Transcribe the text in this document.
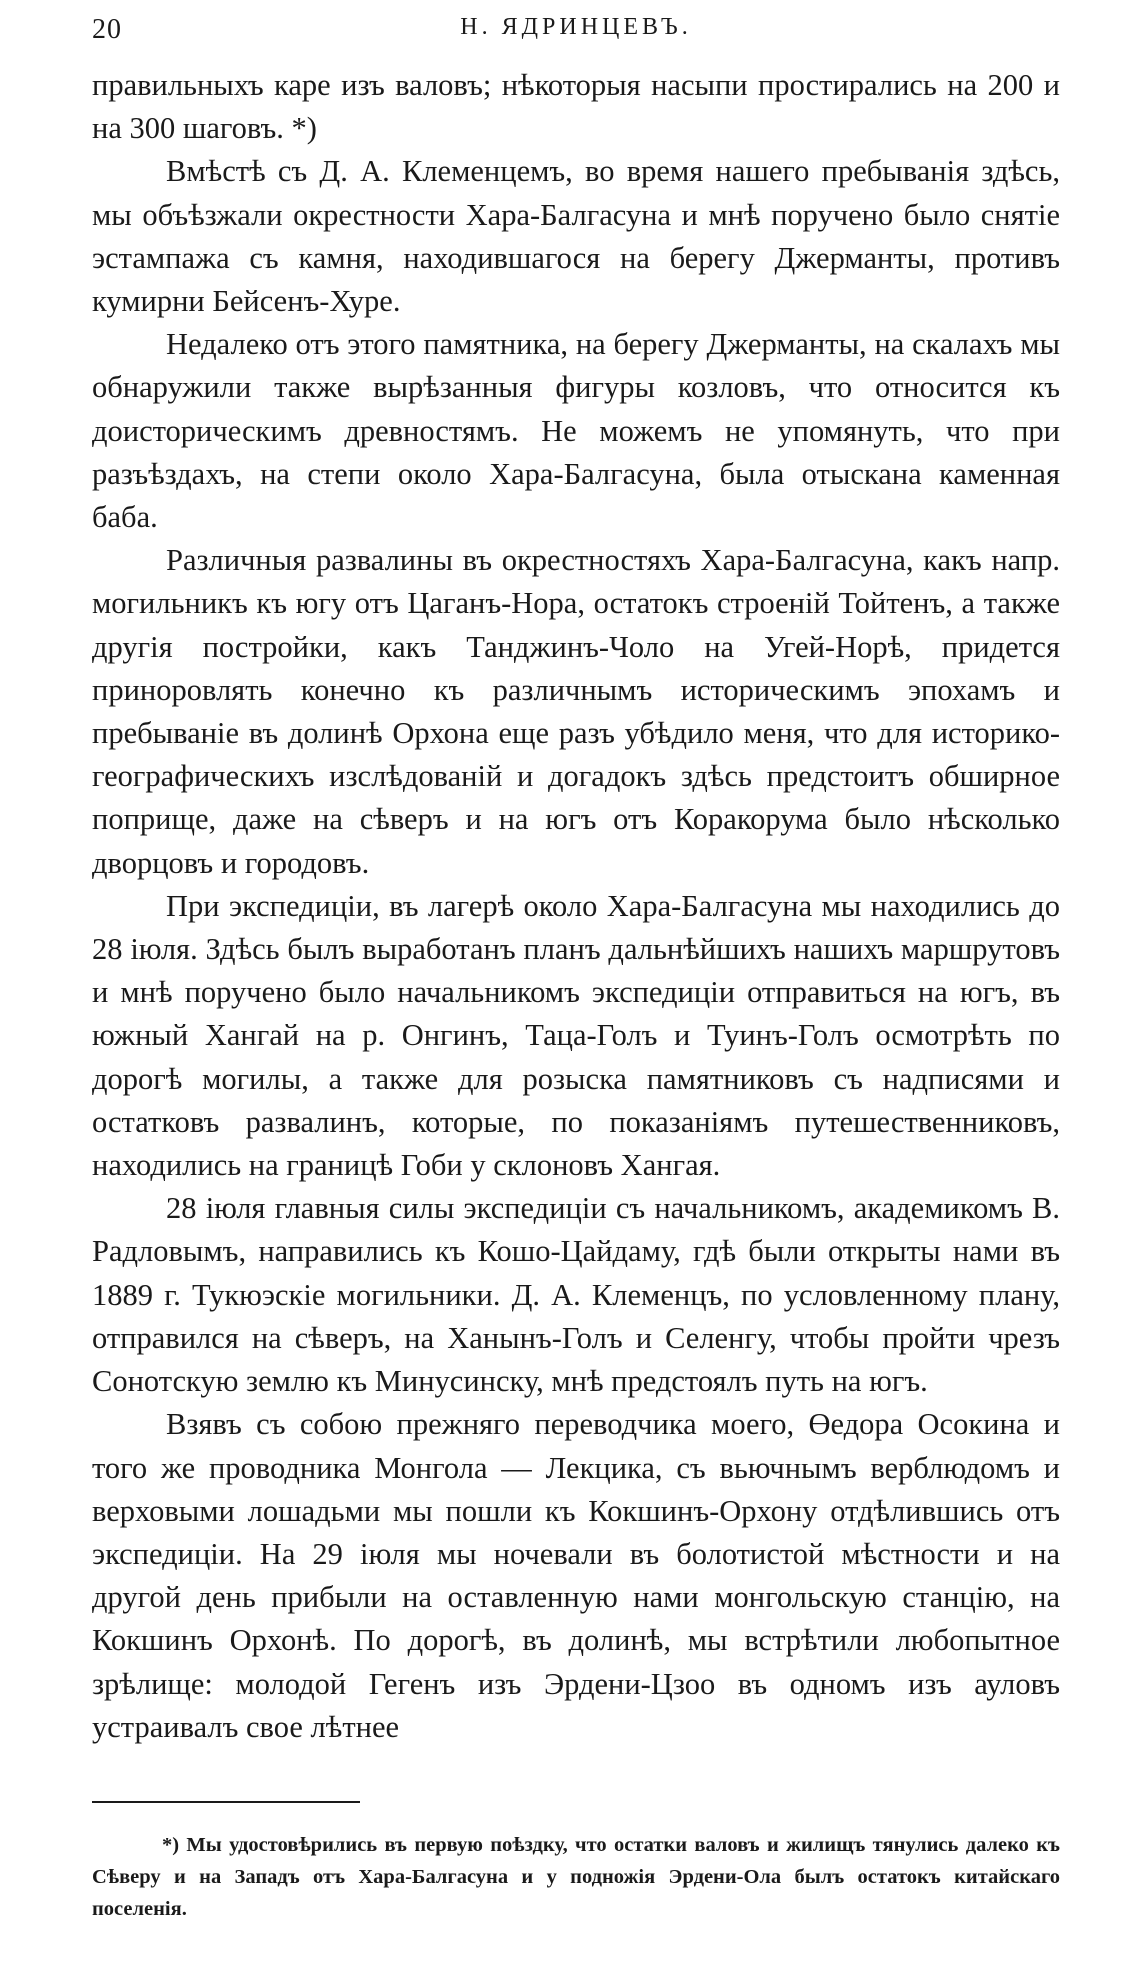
20	Н. ЯДРИНЦЕВЪ.

правильныхъ каре изъ валовъ; нѣкоторыя насыпи простирались на 200 и на 300 шаговъ. *)

Вмѣстѣ съ Д. А. Клеменцемъ, во время нашего пребыванія здѣсь, мы объѣзжали окрестности Хара-Балгасуна и мнѣ поручено было снятіе эстампажа съ камня, находившагося на берегу Джерманты, противъ кумирни Бейсенъ-Хуре.

Недалеко отъ этого памятника, на берегу Джерманты, на скалахъ мы обнаружили также вырѣзанныя фигуры козловъ, что относится къ доисторическимъ древностямъ. Не можемъ не упомянуть, что при разъѣздахъ, на степи около Хара-Балгасуна, была отыскана каменная баба.

Различныя развалины въ окрестностяхъ Хара-Балгасуна, какъ напр. могильникъ къ югу отъ Цаганъ-Нора, остатокъ строеній Тойтенъ, а также другія постройки, какъ Танджинъ-Чоло на Угей-Норѣ, придется приноровлять конечно къ различнымъ историческимъ эпохамъ и пребываніе въ долинѣ Орхона еще разъ убѣдило меня, что для историко-географическихъ изслѣдованій и догадокъ здѣсь предстоитъ обширное поприще, даже на сѣверъ и на югъ отъ Коракорума было нѣсколько дворцовъ и городовъ.

При экспедиціи, въ лагерѣ около Хара-Балгасуна мы находились до 28 іюля. Здѣсь былъ выработанъ планъ дальнѣйшихъ нашихъ маршрутовъ и мнѣ поручено было начальникомъ экспедиціи отправиться на югъ, въ южный Хангай на р. Онгинъ, Таца-Голъ и Туинъ-Голъ осмотрѣть по дорогѣ могилы, а также для розыска памятниковъ съ надписями и остатковъ развалинъ, которые, по показаніямъ путешественниковъ, находились на границѣ Гоби у склоновъ Хангая.

28 іюля главныя силы экспедиціи съ начальникомъ, академикомъ В. Радловымъ, направились къ Кошо-Цайдаму, гдѣ были открыты нами въ 1889 г. Тукюэскіе могильники. Д. А. Клеменцъ, по условленному плану, отправился на сѣверъ, на Ханынъ-Голъ и Селенгу, чтобы пройти чрезъ Сонотскую землю къ Минусинску, мнѣ предстоялъ путь на югъ.

Взявъ съ собою прежняго переводчика моего, Өедора Осокина и того же проводника Монгола — Лекцика, съ вьючнымъ верблюдомъ и верховыми лошадьми мы пошли къ Кокшинъ-Орхону отдѣлившись отъ экспедиціи. На 29 іюля мы ночевали въ болотистой мѣстности и на другой день прибыли на оставленную нами монгольскую станцію, на Кокшинъ Орхонѣ. По дорогѣ, въ долинѣ, мы встрѣтили любопытное зрѣлище: молодой Гегенъ изъ Эрдени-Цзоо въ одномъ изъ ауловъ устраивалъ свое лѣтнее

*) Мы удостовѣрились въ первую поѣздку, что остатки валовъ и жилищъ тянулись далеко къ Сѣверу и на Западъ отъ Хара-Балгасуна и у подножія Эрдени-Ола былъ остатокъ китайскаго поселенія.
